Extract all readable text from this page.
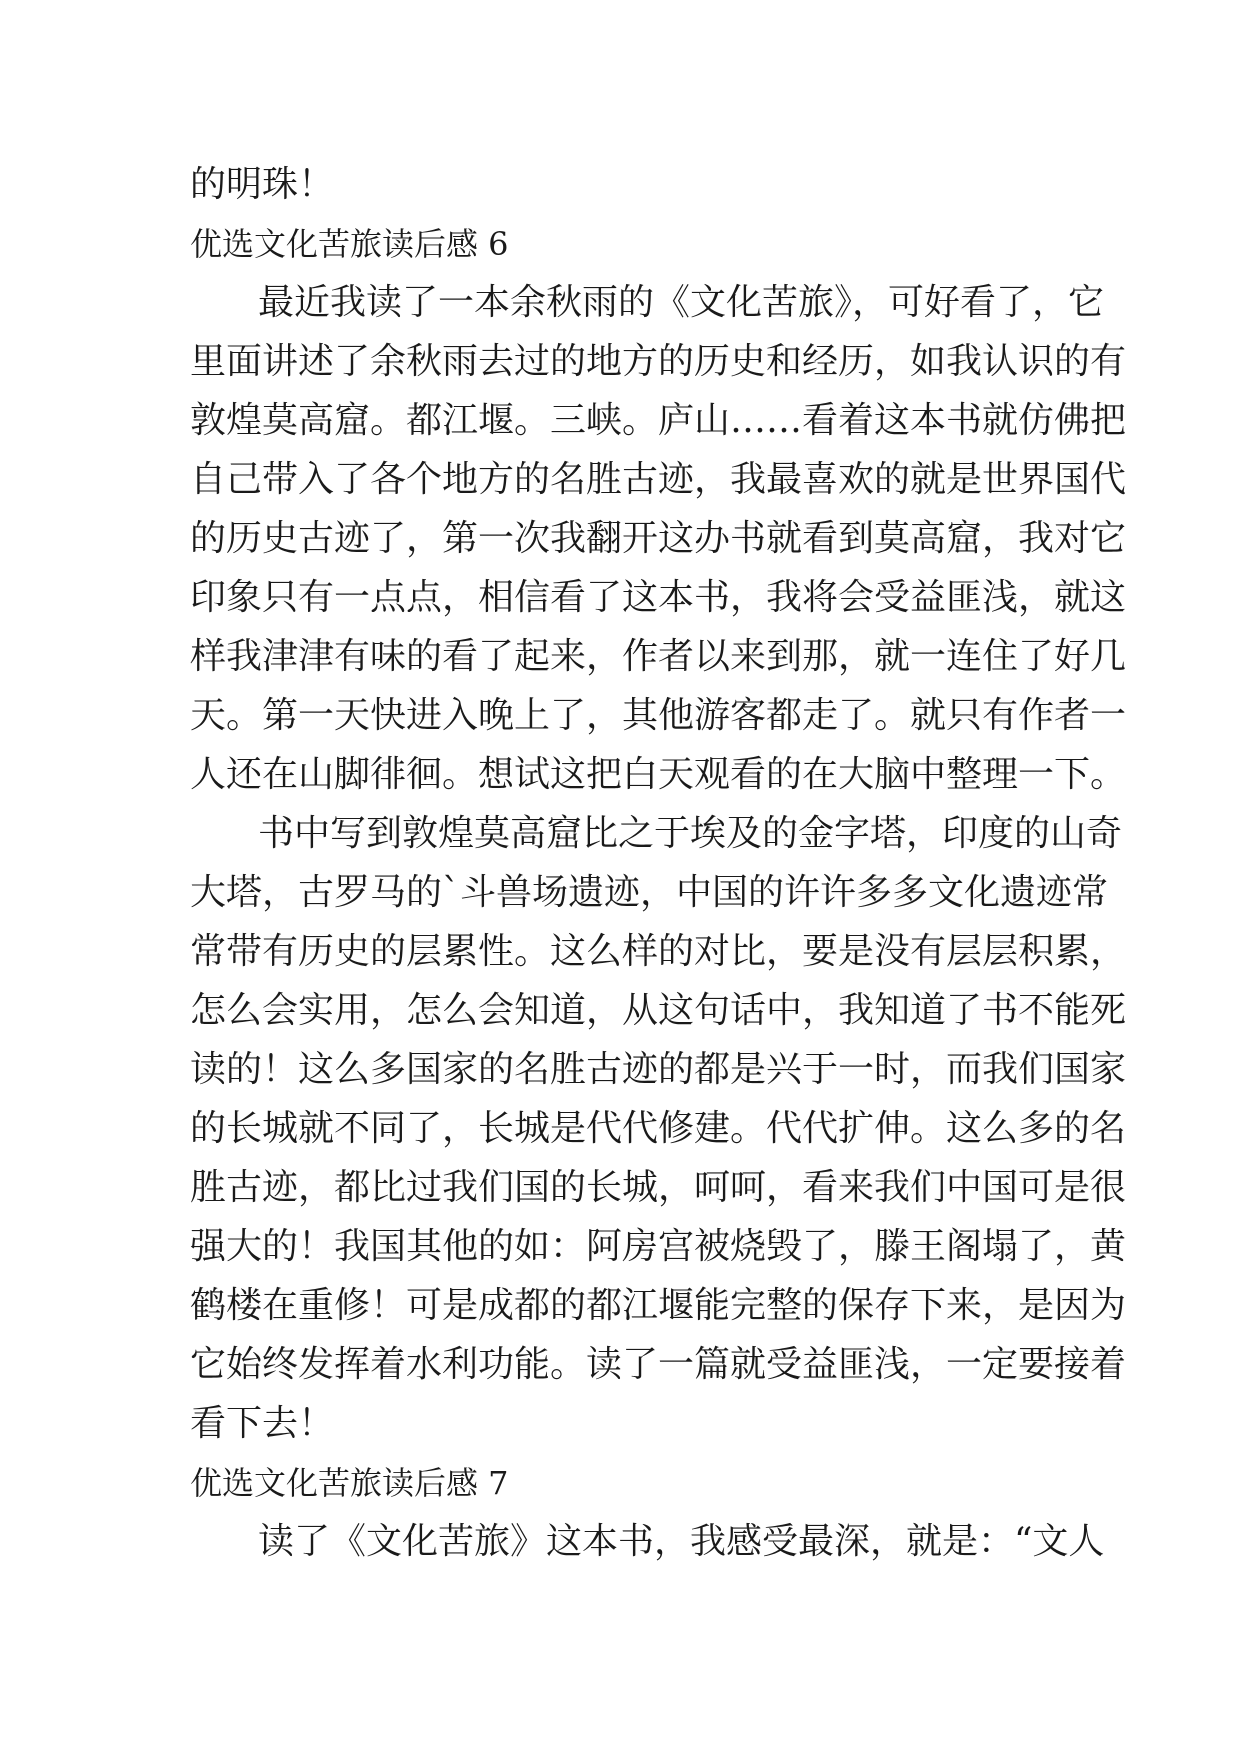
的明珠！

优选文化苦旅读后感 6

最近我读了一本余秋雨的《文化苦旅》，可好看了，它

里面讲述了余秋雨去过的地方的历史和经历，如我认识的有

敦煌莫高窟。都江堰。三峡。庐山……看着这本书就仿佛把

自己带入了各个地方的名胜古迹，我最喜欢的就是世界国代

的历史古迹了，第一次我翻开这办书就看到莫高窟，我对它

印象只有一点点，相信看了这本书，我将会受益匪浅，就这

样我津津有味的看了起来，作者以来到那，就一连住了好几

天。第一天快进入晚上了，其他游客都走了。就只有作者一

人还在山脚徘徊。想试这把白天观看的在大脑中整理一下。

书中写到敦煌莫高窟比之于埃及的金字塔，印度的山奇

大塔，古罗马的`斗兽场遗迹，中国的许许多多文化遗迹常

常带有历史的层累性。这么样的对比，要是没有层层积累，

怎么会实用，怎么会知道，从这句话中，我知道了书不能死

读的！这么多国家的名胜古迹的都是兴于一时，而我们国家

的长城就不同了，长城是代代修建。代代扩伸。这么多的名

胜古迹，都比过我们国的长城，呵呵，看来我们中国可是很

强大的！我国其他的如：阿房宫被烧毁了，滕王阁塌了，黄

鹤楼在重修！可是成都的都江堰能完整的保存下来，是因为

它始终发挥着水利功能。读了一篇就受益匪浅，一定要接着

看下去！

优选文化苦旅读后感 7

读了《文化苦旅》这本书，我感受最深，就是：“文人
